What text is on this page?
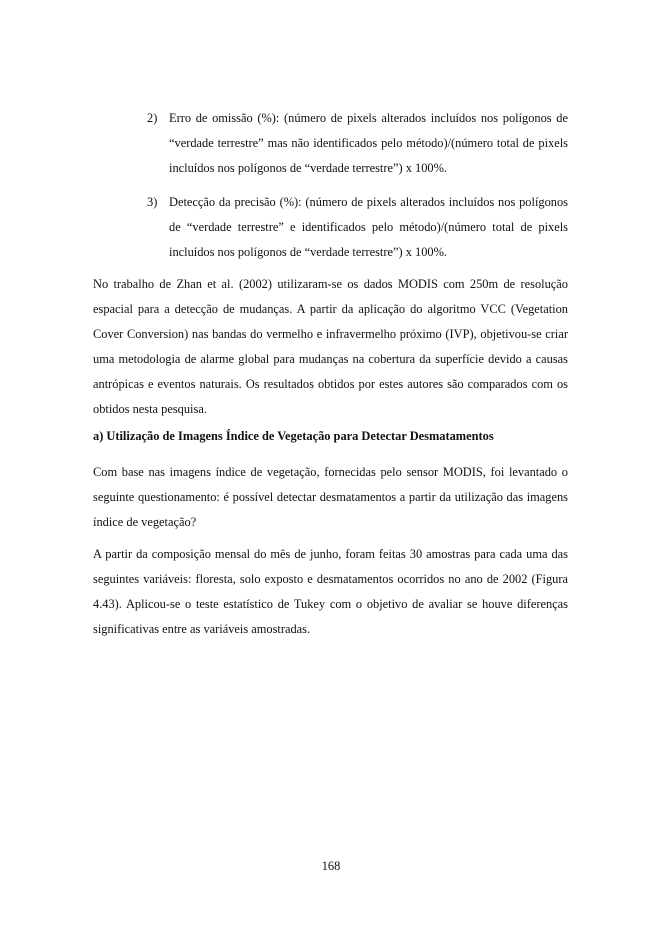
2) Erro de omissão (%): (número de pixels alterados incluídos nos polígonos de “verdade terrestre” mas não identificados pelo método)/(número total de pixels incluídos nos polígonos de “verdade terrestre”) x 100%.
3) Detecção da precisão (%): (número de pixels alterados incluídos nos polígonos de “verdade terrestre” e identificados pelo método)/(número total de pixels incluídos nos polígonos de “verdade terrestre”) x 100%.

No trabalho de Zhan et al. (2002) utilizaram-se os dados MODIS com 250m de resolução espacial para a detecção de mudanças. A partir da aplicação do algoritmo VCC (Vegetation Cover Conversion) nas bandas do vermelho e infravermelho próximo (IVP), objetivou-se criar uma metodologia de alarme global para mudanças na cobertura da superfície devido a causas antrópicas e eventos naturais. Os resultados obtidos por estes autores são comparados com os obtidos nesta pesquisa.

a) Utilização de Imagens Índice de Vegetação para Detectar Desmatamentos

Com base nas imagens índice de vegetação, fornecidas pelo sensor MODIS, foi levantado o seguinte questionamento: é possível detectar desmatamentos a partir da utilização das imagens índice de vegetação?

A partir da composição mensal do mês de junho, foram feitas 30 amostras para cada uma das seguintes variáveis: floresta, solo exposto e desmatamentos ocorridos no ano de 2002 (Figura 4.43). Aplicou-se o teste estatístico de Tukey com o objetivo de avaliar se houve diferenças significativas entre as variáveis amostradas.

168
